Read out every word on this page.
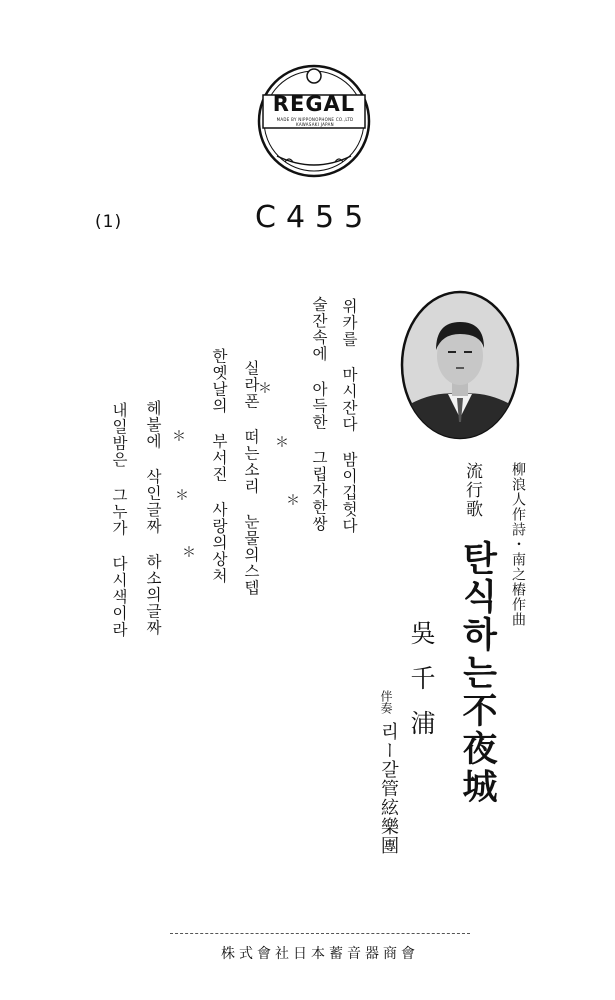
REGAL
MADE BY NIPPONOPHONE CO.,LTD KAWASAKI JAPAN
(1)	C455
柳浪人作詩・南之樁作曲
流行歌
탄식하는不夜城
吳千浦
伴奏
리ー갈管絃樂團
위카를 마시잔다 밤이깁헛다
술잔속에 아득한 그립자한쌍
＊
＊
＊
실라폰 떠는소리 눈물의스텝
한옛날의 부서진 사랑의상처
＊
＊
＊
헤불에 삭인글짜 하소의글짜
내일밤은 그누가 다시색이라
株式會社日本蓄音器商會
